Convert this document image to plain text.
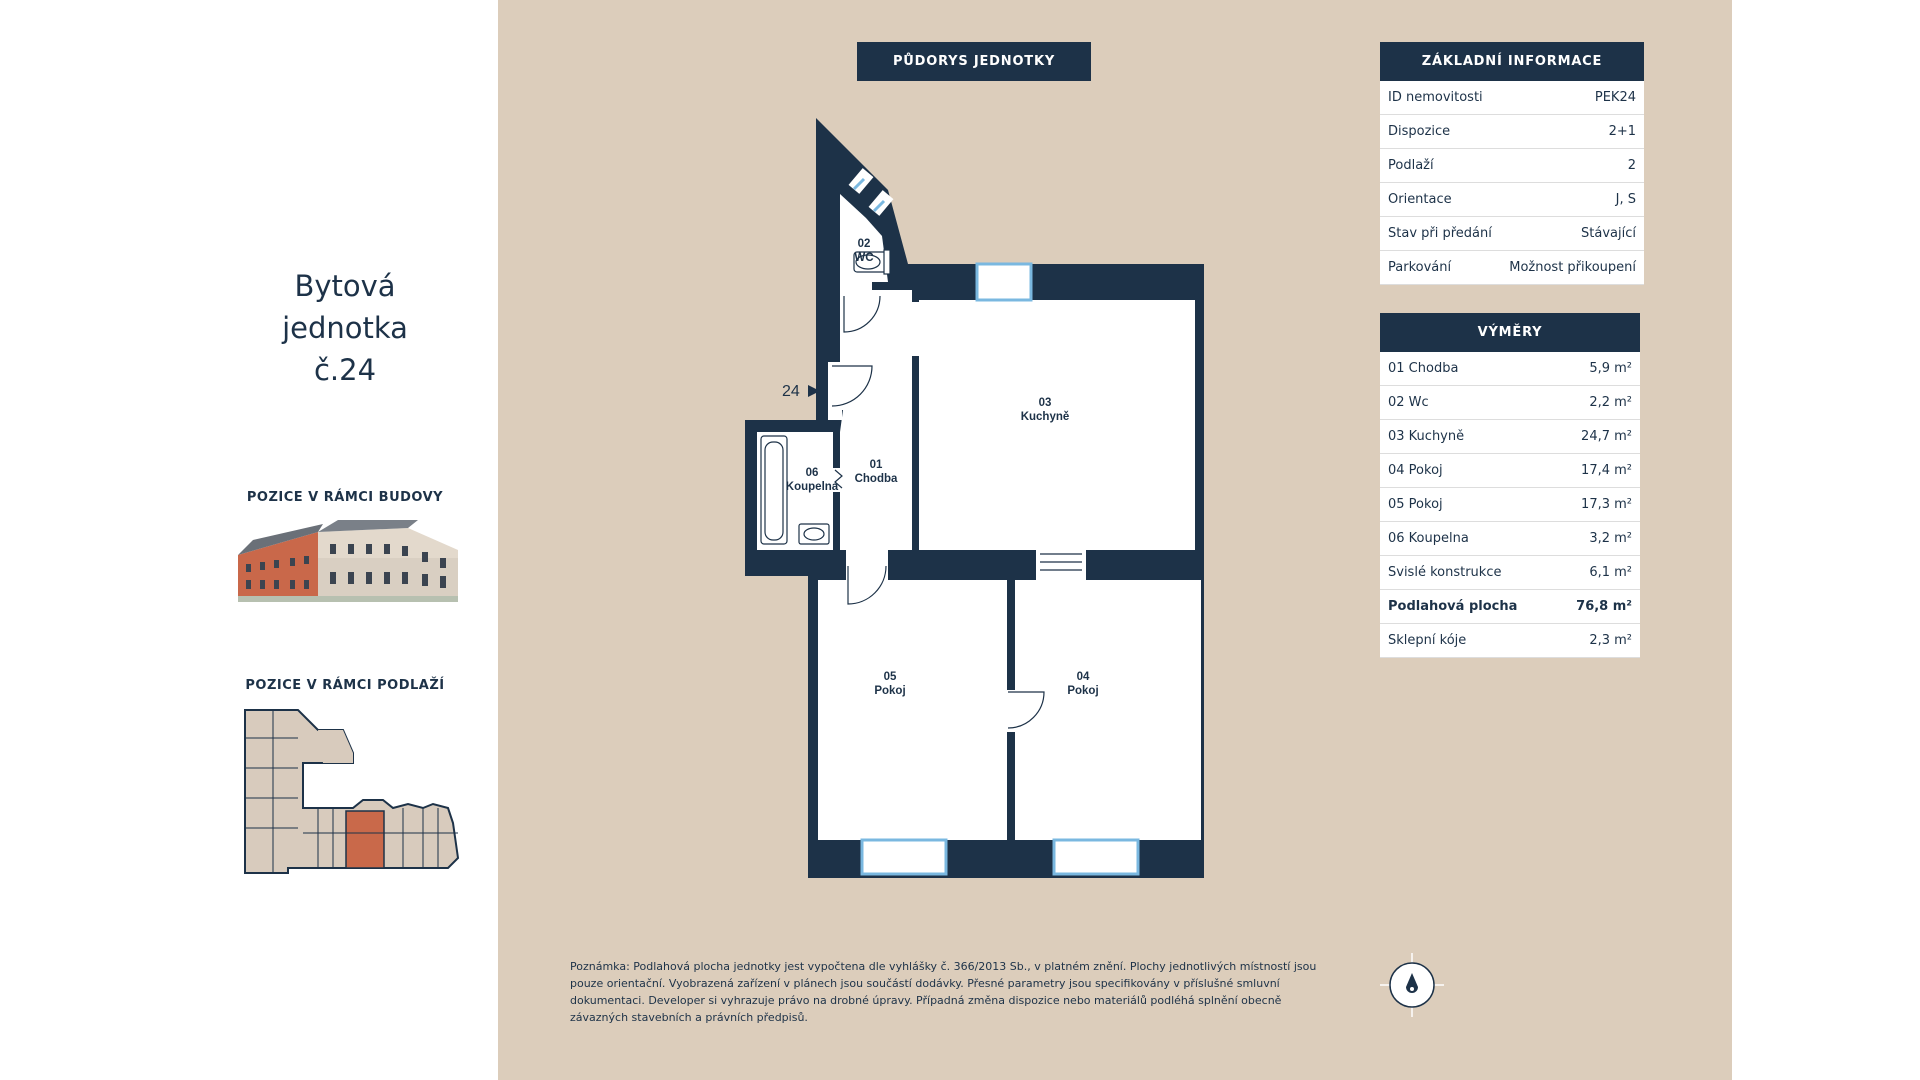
Bytová
jednotka
č.24
POZICE V RÁMCI BUDOVY
POZICE V RÁMCI PODLAŽÍ
PŮDORYS JEDNOTKY
24
01
Chodba
02
WC
03
Kuchyně
04
Pokoj
05
Pokoj
06
Koupelna
ZÁKLADNÍ INFORMACE
ID nemovitosti	PEK24
Dispozice	2+1
Podlaží	2
Orientace	J, S
Stav při předání	Stávající
Parkování	Možnost přikoupení
VÝMĚRY
01 Chodba	5,9 m²
02 Wc	2,2 m²
03 Kuchyně	24,7 m²
04 Pokoj	17,4 m²
05 Pokoj	17,3 m²
06 Koupelna	3,2 m²
Svislé konstrukce	6,1 m²
Podlahová plocha	76,8 m²
Sklepní kóje	2,3 m²
Poznámka: Podlahová plocha jednotky jest vypočtena dle vyhlášky č. 366/2013 Sb., v platném znění. Plochy jednotlivých místností jsou pouze orientační. Vyobrazená zařízení v plánech jsou součástí dodávky. Přesné parametry jsou specifikovány v příslušné smluvní dokumentaci. Developer si vyhrazuje právo na drobné úpravy. Případná změna dispozice nebo materiálů podléhá splnění obecně závazných stavebních a právních předpisů.
